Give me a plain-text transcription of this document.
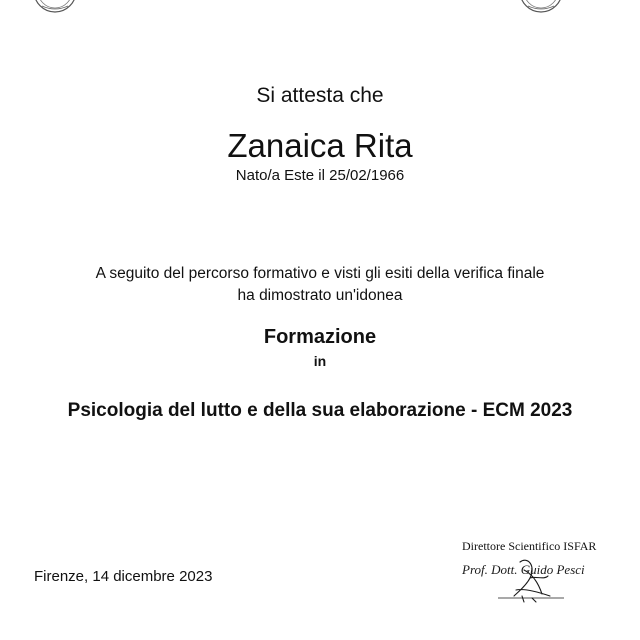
Si attesta che
Zanaica Rita
Nato/a Este il 25/02/1966
A seguito del percorso formativo e visti gli esiti della verifica finale
ha dimostrato un'idonea
Formazione
in
Psicologia del lutto e della sua elaborazione - ECM 2023
Firenze, 14 dicembre 2023
Direttore Scientifico ISFAR
Prof. Dott. Guido Pesci
